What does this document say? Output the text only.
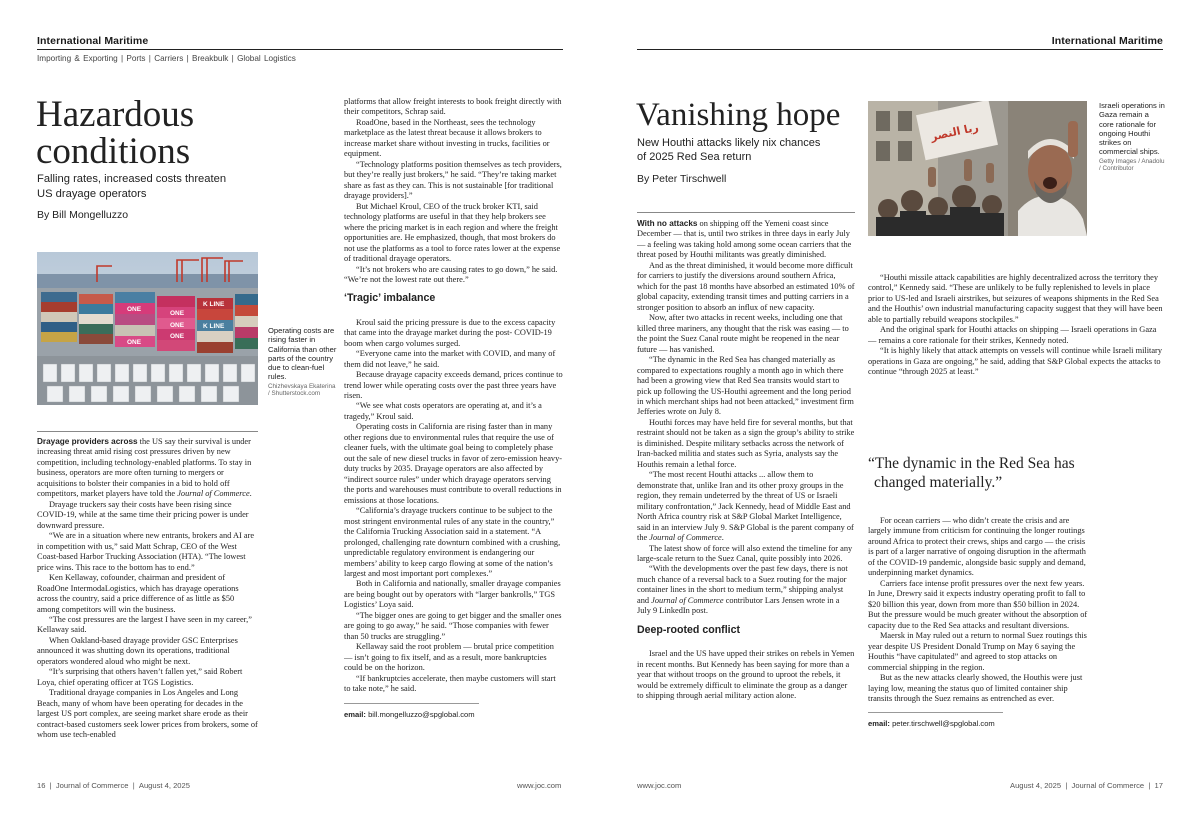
International Maritime
Importing & Exporting | Ports | Carriers | Breakbulk | Global Logistics
Hazardous
conditions
Falling rates, increased costs threaten
US drayage operators
By Bill Mongelluzzo
ONE
ONE
ONE
K LINE
K LINE
ONE
ONE
Operating costs are rising faster in California than other parts of the country due to clean-fuel rules.
Chizhevskaya Ekaterina / Shutterstock.com

Drayage providers across the US say their survival is under increasing threat amid rising cost pressures driven by new competition, including technology-enabled platforms. To stay in business, operators are more often turning to mergers or acquisitions to bolster their companies in a bid to hold off competitors, market players have told the Journal of Commerce.

Drayage truckers say their costs have been rising since COVID-19, while at the same time their pricing power is under downward pressure.

“We are in a situation where new entrants, brokers and AI are in competition with us,” said Matt Schrap, CEO of the West Coast-based Harbor Trucking Association (HTA). “The lowest price wins. This race to the bottom has to end.”

Ken Kellaway, cofounder, chairman and president of RoadOne IntermodaLogistics, which has drayage operations across the country, said a price difference of as little as $50 among competitors will win the business.

“The cost pressures are the largest I have seen in my career,” Kellaway said.

When Oakland-based drayage provider GSC Enterprises announced it was shutting down its operations, traditional operators wondered aloud who might be next.

“It’s surprising that others haven’t fallen yet,” said Robert Loya, chief operating officer at TGS Logistics.

Traditional drayage companies in Los Angeles and Long Beach, many of whom have been operating for decades in the largest US port complex, are seeing market share erode as their contract-based customers seek lower prices from brokers, some of whom use tech-enabled

platforms that allow freight interests to book freight directly with their competitors, Schrap said.

RoadOne, based in the Northeast, sees the technology marketplace as the latest threat because it allows brokers to increase market share without investing in trucks, facilities or equipment.

“Technology platforms position themselves as tech providers, but they’re really just brokers,” he said. “They’re taking market share as fast as they can. This is not sustainable [for traditional drayage providers].”

But Michael Kroul, CEO of the truck broker KTI, said technology platforms are useful in that they help brokers see where the pricing market is in each region and where the freight opportunities are. He emphasized, though, that most brokers do not use the platforms as a tool to force rates lower at the expense of traditional drayage operators.

“It’s not brokers who are causing rates to go down,” he said. “We’re not the lowest rate out there.”

‘Tragic’ imbalance

Kroul said the pricing pressure is due to the excess capacity that came into the drayage market during the post- COVID-19 boom when cargo volumes surged.

“Everyone came into the market with COVID, and many of them did not leave,” he said.

Because drayage capacity exceeds demand, prices continue to trend lower while operating costs over the past three years have risen.

“We see what costs operators are operating at, and it’s a tragedy,” Kroul said.

Operating costs in California are rising faster than in many other regions due to environmental rules that require the use of cleaner fuels, with the ultimate goal being to completely phase out the sale of new diesel trucks in favor of zero-emission heavy-duty trucks by 2035. Drayage operators are also affected by “indirect source rules” under which drayage operators serving the ports and warehouses must contribute to overall reductions in emissions at those locations.

“California’s drayage truckers continue to be subject to the most stringent environmental rules of any state in the country,” the California Trucking Association said in a statement. “A prolonged, challenging rate downturn combined with a crushing, unpredictable regulatory environment is endangering our members’ ability to keep cargo flowing at some of the nation’s largest and most important port complexes.”

Both in California and nationally, smaller drayage companies are being bought out by operators with “larger bankrolls,” TGS Logistics’ Loya said.

“The bigger ones are going to get bigger and the smaller ones are going to go away,” he said. “Those companies with fewer than 50 trucks are struggling.”

Kellaway said the root problem — brutal price competition — isn’t going to fix itself, and as a result, more bankruptcies could be on the horizon.

“If bankruptcies accelerate, then maybe customers will start to take note,” he said.

email: bill.mongelluzzo@spglobal.com

16  |  Journal of Commerce  |  August 4, 2025	www.joc.com
International Maritime
Vanishing hope
New Houthi attacks likely nix chances
of 2025 Red Sea return
By Peter Tirschwell
ربا النصر
Israeli operations in Gaza remain a core rationale for ongoing Houthi strikes on commercial ships.
Getty Images / Anadolu / Contributor

With no attacks on shipping off the Yemeni coast since December — that is, until two strikes in three days in early July — a feeling was taking hold among some ocean carriers that the threat posed by Houthi militants was greatly diminished.

And as the threat diminished, it would become more difficult for carriers to justify the diversions around southern Africa, which for the past 18 months have absorbed an estimated 10% of global capacity, extending transit times and putting carriers in a stronger position to absorb an influx of new capacity.

Now, after two attacks in recent weeks, including one that killed three mariners, any thought that the risk was easing — to the point the Suez Canal route might be reopened in the near future — has vanished.

“The dynamic in the Red Sea has changed materially as compared to expectations roughly a month ago in which there had been a growing view that Red Sea transits would start to pick up following the US-Houthi agreement and the long period in which merchant ships had not been attacked,” investment firm Jefferies wrote on July 8.

Houthi forces may have held fire for several months, but that restraint should not be taken as a sign the group’s ability to strike is diminished. Despite military setbacks across the network of Iran-backed militia and states such as Syria, analysts say the Houthis remain a lethal force.

“The most recent Houthi attacks ... allow them to demonstrate that, unlike Iran and its other proxy groups in the region, they remain undeterred by the threat of US or Israeli military confrontation,” Jack Kennedy, head of Middle East and North Africa country risk at S&P Global Market Intelligence, said in an interview July 9. S&P Global is the parent company of the Journal of Commerce.

The latest show of force will also extend the timeline for any large-scale return to the Suez Canal, quite possibly into 2026.

“With the developments over the past few days, there is not much chance of a reversal back to a Suez routing for the major container lines in the short to medium term,” shipping analyst and Journal of Commerce contributor Lars Jensen wrote in a July 9 LinkedIn post.

Deep-rooted conflict

Israel and the US have upped their strikes on rebels in Yemen in recent months. But Kennedy has been saying for more than a year that without troops on the ground to uproot the rebels, it would be extremely difficult to eliminate the group as a danger to shipping through aerial military action alone.

“Houthi missile attack capabilities are highly decentralized across the territory they control,” Kennedy said. “These are unlikely to be fully replenished to levels in place prior to US-led and Israeli airstrikes, but seizures of weapons shipments in the Red Sea and the Houthis’ own industrial manufacturing capacity suggest that they will have been able to partially rebuild weapons stockpiles.”

And the original spark for Houthi attacks on shipping — Israeli operations in Gaza — remains a core rationale for their strikes, Kennedy noted.

“It is highly likely that attack attempts on vessels will continue while Israeli military operations in Gaza are ongoing,” he said, adding that S&P Global expects the attacks to continue “through 2025 at least.”

“The dynamic in the Red Sea has
changed materially.”

For ocean carriers — who didn’t create the crisis and are largely immune from criticism for continuing the longer routings around Africa to protect their crews, ships and cargo — the crisis is part of a larger narrative of ongoing disruption in the aftermath of the COVID-19 pandemic, alongside basic supply and demand, underpinning market dynamics.

Carriers face intense profit pressures over the next few years. In June, Drewry said it expects industry operating profit to fall to $20 billion this year, down from more than $50 billion in 2024. But the pressure would be much greater without the absorption of capacity due to the Red Sea attacks and resultant diversions.

Maersk in May ruled out a return to normal Suez routings this year despite US President Donald Trump on May 6 saying the Houthis “have capitulated” and agreed to stop attacks on commercial shipping in the region.

But as the new attacks clearly showed, the Houthis were just laying low, meaning the status quo of limited container ship transits through the Suez remains as entrenched as ever.

email: peter.tirschwell@spglobal.com

www.joc.com	August 4, 2025  |  Journal of Commerce  |  17
